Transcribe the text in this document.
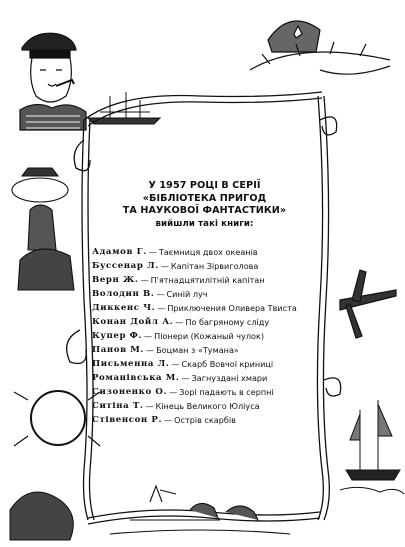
У 1957 РОЦІ В СЕРІЇ
«БІБЛІОТЕКА ПРИГОД
ТА НАУКОВОЇ ФАНТАСТИКИ»
вийшли такі книги:
Адамов Г. — Таємниця двох океанів
Буссенар Л. — Капітан Зірвиголова
Верн Ж. — П'ятнадцятилітній капітан
Володин В. — Синій луч
Диккенс Ч. — Приключения Оливера Твиста
Конан Дойл А. — По багряному сліду
Купер Ф. — Піонери (Кожаный чулок)
Панов М. — Боцман з «Тумана»
Письменна Л. — Скарб Вовчої криниці
Романівська М. — Загнуздані хмари
Сизоненко О. — Зорі падають в серпні
Ситіна Т. — Кінець Великого Юліуса
Стівенсон Р. — Острів скарбів
